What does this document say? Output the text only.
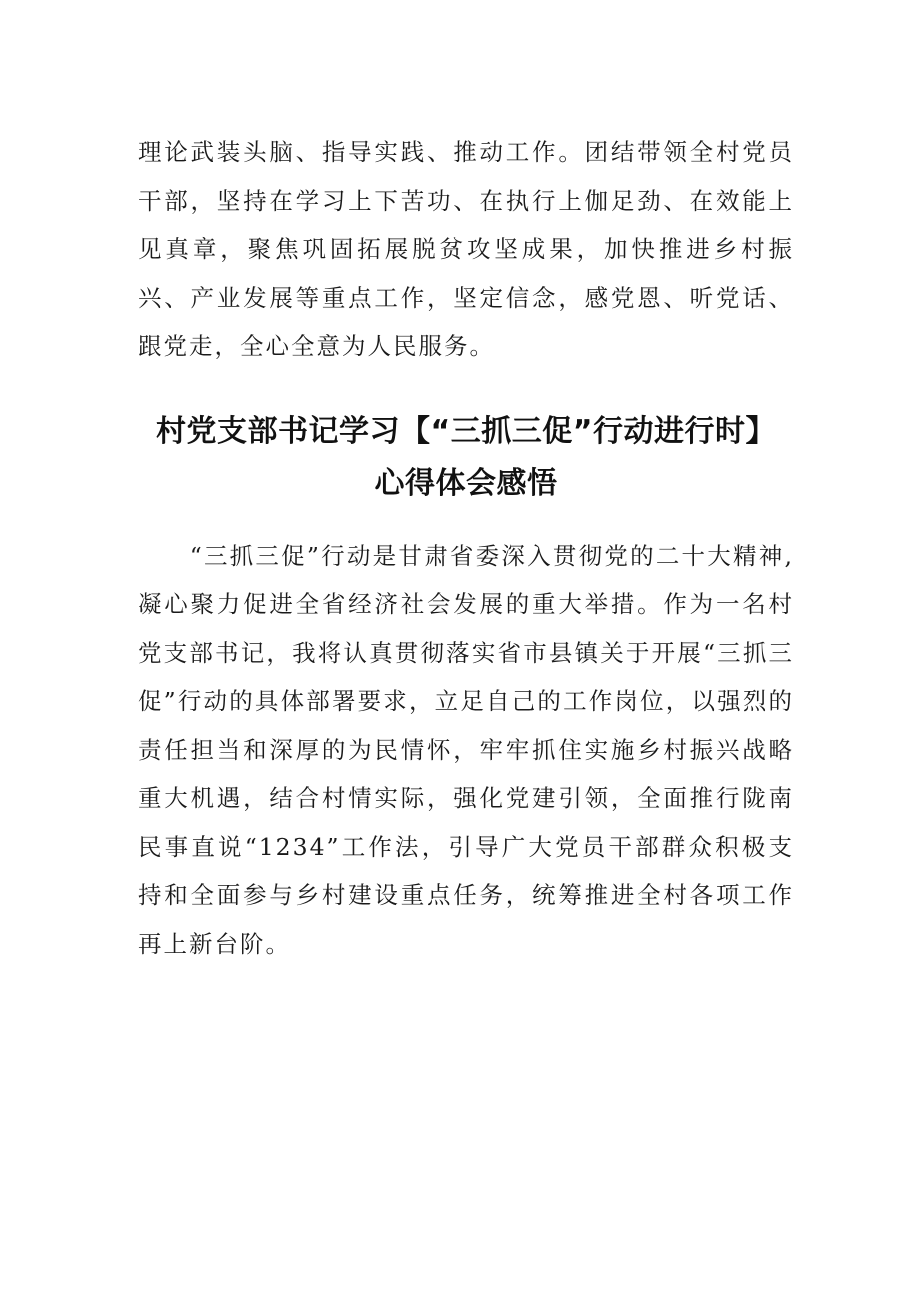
理论武装头脑、指导实践、推动工作。团结带领全村党员干部，坚持在学习上下苦功、在执行上伽足劲、在效能上见真章，聚焦巩固拓展脱贫攻坚成果，加快推进乡村振兴、产业发展等重点工作，坚定信念，感党恩、听党话、跟党走，全心全意为人民服务。

村党支部书记学习【“三抓三促”行动进行时】
心得体会感悟

“三抓三促”行动是甘肃省委深入贯彻党的二十大精神,凝心聚力促进全省经济社会发展的重大举措。作为一名村党支部书记，我将认真贯彻落实省市县镇关于开展“三抓三促”行动的具体部署要求，立足自己的工作岗位，以强烈的责任担当和深厚的为民情怀，牢牢抓住实施乡村振兴战略重大机遇，结合村情实际，强化党建引领，全面推行陇南民事直说“1234”工作法，引导广大党员干部群众积极支持和全面参与乡村建设重点任务，统筹推进全村各项工作再上新台阶。
